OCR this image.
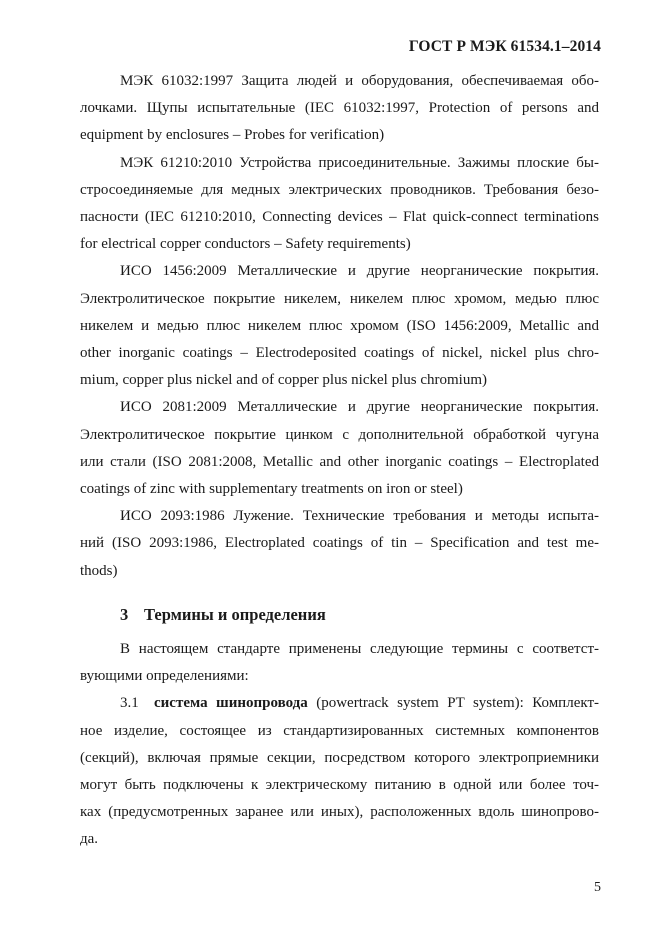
ГОСТ Р МЭК 61534.1–2014
МЭК 61032:1997 Защита людей и оборудования, обеспечиваемая обо-
лочками. Щупы испытательные (IEC 61032:1997, Protection of persons and
equipment by enclosures – Probes for verification)
МЭК 61210:2010 Устройства присоединительные. Зажимы плоские бы-
стросоединяемые для медных электрических проводников. Требования безо-
пасности (IEC 61210:2010, Connecting devices – Flat quick-connect terminations
for electrical copper conductors – Safety requirements)
ИСО 1456:2009 Металлические и другие неорганические покрытия.
Электролитическое покрытие никелем, никелем плюс хромом, медью плюс
никелем и медью плюс никелем плюс хромом (ISO 1456:2009, Metallic and
other inorganic coatings – Electrodeposited coatings of nickel, nickel plus chro-
mium, copper plus nickel and of copper plus nickel plus chromium)
ИСО 2081:2009 Металлические и другие неорганические покрытия.
Электролитическое покрытие цинком с дополнительной обработкой чугуна
или стали (ISO 2081:2008, Metallic and other inorganic coatings – Electroplated
coatings of zinc with supplementary treatments on iron or steel)
ИСО 2093:1986 Лужение. Технические требования и методы испыта-
ний (ISO 2093:1986, Electroplated coatings of tin – Specification and test me-
thods)
3 Термины и определения
В настоящем стандарте применены следующие термины с соответст-
вующими определениями:
3.1 система шинопровода (powertrack system PT system): Комплект-
ное изделие, состоящее из стандартизированных системных компонентов
(секций), включая прямые секции, посредством которого электроприемники
могут быть подключены к электрическому питанию в одной или более точ-
ках (предусмотренных заранее или иных), расположенных вдоль шинопрово-
да.
5
